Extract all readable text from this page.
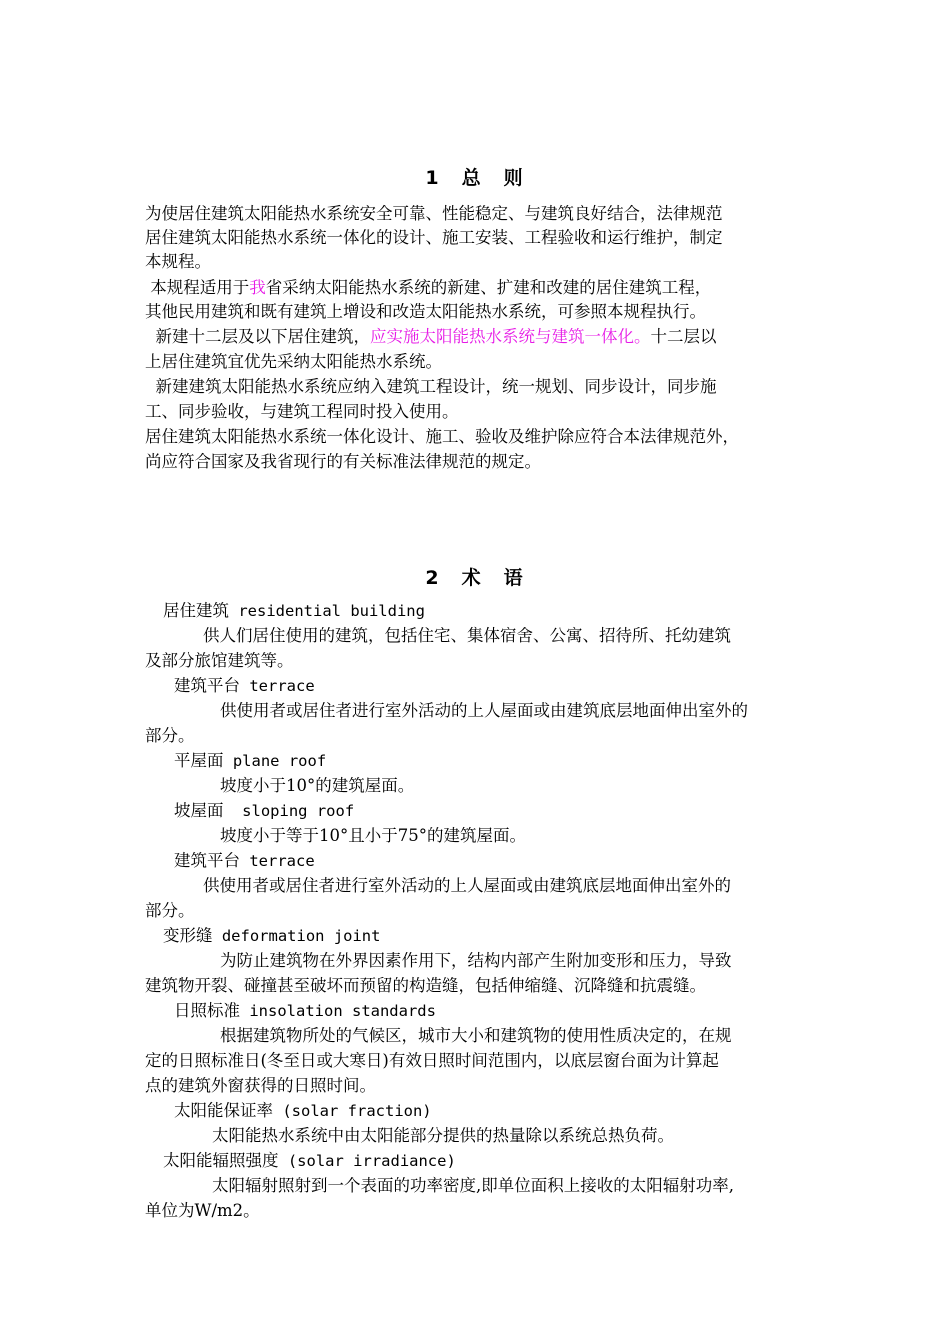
1　总　则
为使居住建筑太阳能热水系统安全可靠、性能稳定、与建筑良好结合，法律规范
居住建筑太阳能热水系统一体化的设计、施工安装、工程验收和运行维护，制定
本规程。
本规程适用于我省采纳太阳能热水系统的新建、扩建和改建的居住建筑工程，
其他民用建筑和既有建筑上增设和改造太阳能热水系统，可参照本规程执行。
新建十二层及以下居住建筑，应实施太阳能热水系统与建筑一体化。十二层以
上居住建筑宜优先采纳太阳能热水系统。
新建建筑太阳能热水系统应纳入建筑工程设计，统一规划、同步设计，同步施
工、同步验收，与建筑工程同时投入使用。
居住建筑太阳能热水系统一体化设计、施工、验收及维护除应符合本法律规范外，
尚应符合国家及我省现行的有关标准法律规范的规定。
2　术　语
居住建筑 residential building
供人们居住使用的建筑，包括住宅、集体宿舍、公寓、招待所、托幼建筑
及部分旅馆建筑等。
建筑平台 terrace
供使用者或居住者进行室外活动的上人屋面或由建筑底层地面伸出室外的
部分。
平屋面 plane roof
坡度小于10°的建筑屋面。
坡屋面  sloping roof
坡度小于等于10°且小于75°的建筑屋面。
建筑平台 terrace
供使用者或居住者进行室外活动的上人屋面或由建筑底层地面伸出室外的
部分。
变形缝 deformation joint
为防止建筑物在外界因素作用下，结构内部产生附加变形和压力，导致
建筑物开裂、碰撞甚至破坏而预留的构造缝，包括伸缩缝、沉降缝和抗震缝。
日照标准 insolation standards
根据建筑物所处的气候区，城市大小和建筑物的使用性质决定的，在规
定的日照标准日(冬至日或大寒日)有效日照时间范围内，以底层窗台面为计算起
点的建筑外窗获得的日照时间。
太阳能保证率 (solar fraction)
太阳能热水系统中由太阳能部分提供的热量除以系统总热负荷。
太阳能辐照强度 (solar irradiance)
太阳辐射照射到一个表面的功率密度,即单位面积上接收的太阳辐射功率,
单位为W/m2。
